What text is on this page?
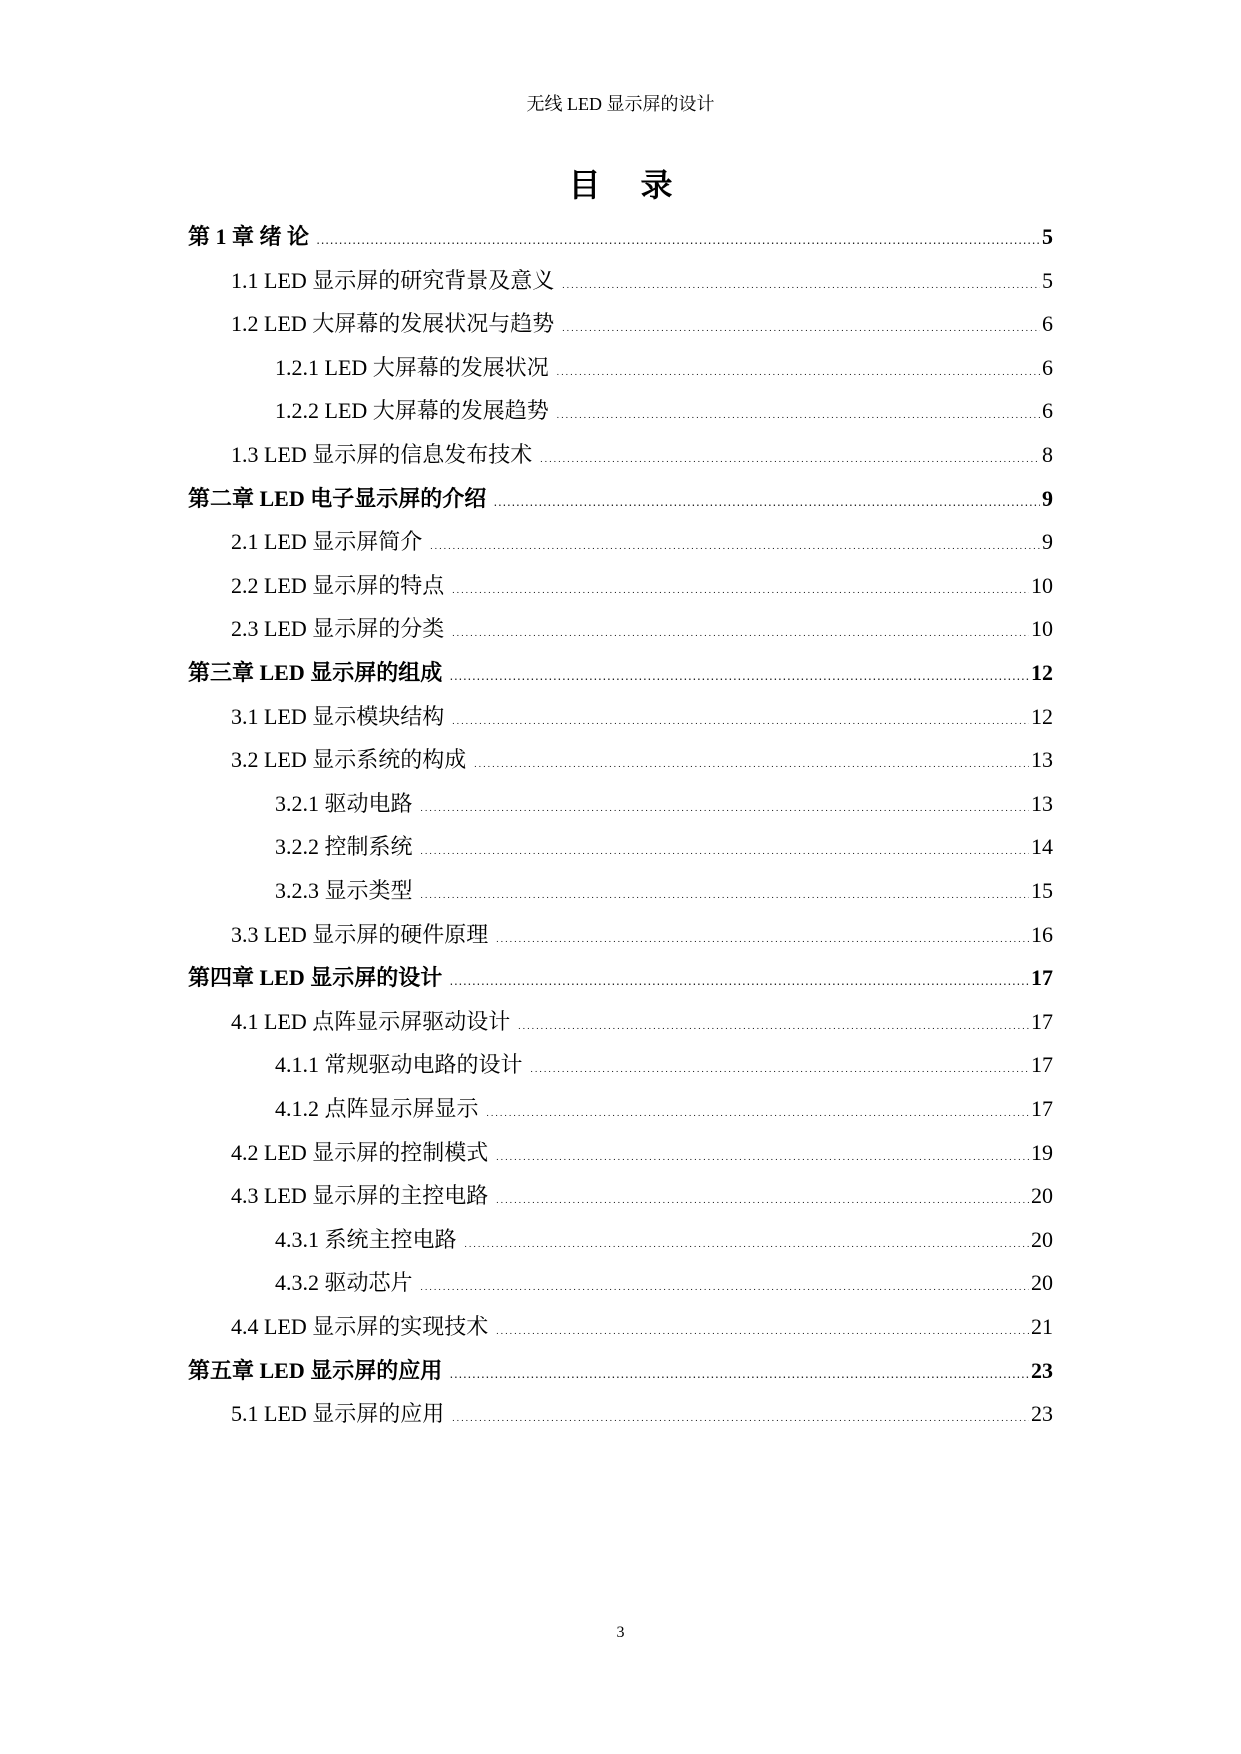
无线 LED 显示屏的设计
目录
第 1 章 绪 论 . . .	5
1.1 LED 显示屏的研究背景及意义 . . .	5
1.2 LED 大屏幕的发展状况与趋势 . . .	6
1.2.1 LED 大屏幕的发展状况 . . .	6
1.2.2 LED 大屏幕的发展趋势 . . .	6
1.3 LED 显示屏的信息发布技术 . . .	8
第二章 LED 电子显示屏的介绍 . . .	9
2.1 LED 显示屏简介 . . .	9
2.2 LED 显示屏的特点 . . .	10
2.3 LED 显示屏的分类 . . .	10
第三章 LED 显示屏的组成 . . .	12
3.1 LED 显示模块结构 . . .	12
3.2 LED 显示系统的构成 . . .	13
3.2.1 驱动电路 . . .	13
3.2.2 控制系统 . . .	14
3.2.3 显示类型 . . .	15
3.3 LED 显示屏的硬件原理 . . .	16
第四章 LED 显示屏的设计 . . .	17
4.1 LED 点阵显示屏驱动设计 . . .	17
4.1.1 常规驱动电路的设计 . . .	17
4.1.2 点阵显示屏显示 . . .	17
4.2 LED 显示屏的控制模式 . . .	19
4.3 LED 显示屏的主控电路 . . .	20
4.3.1 系统主控电路 . . .	20
4.3.2 驱动芯片 . . .	20
4.4 LED 显示屏的实现技术 . . .	21
第五章 LED 显示屏的应用 . . .	23
5.1 LED 显示屏的应用 . . .	23
3
